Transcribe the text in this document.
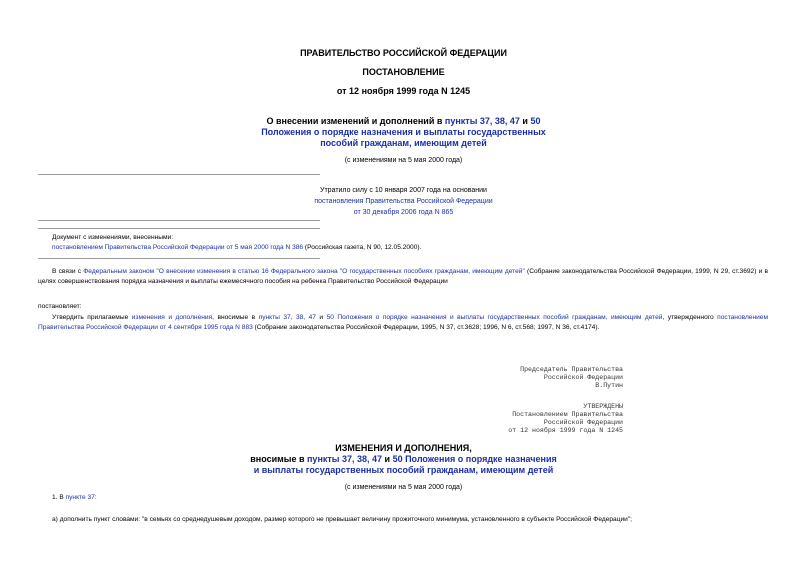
ПРАВИТЕЛЬСТВО РОССИЙСКОЙ ФЕДЕРАЦИИ
ПОСТАНОВЛЕНИЕ
от 12 ноября 1999 года N 1245
О внесении изменений и дополнений в пункты 37, 38, 47 и 50
Положения о порядке назначения и выплаты государственных
пособий гражданам, имеющим детей
(с изменениями на 5 мая 2000 года)
Утратило силу с 10 января 2007 года на основании
постановления Правительства Российской Федерации
от 30 декабря 2006 года N 865
Документ с изменениями, внесенными:
постановлением Правительства Российской Федерации от 5 мая 2000 года N 386 (Российская газета, N 90, 12.05.2000).
В связи с Федеральным законом "О внесении изменения в статью 16 Федерального закона "О государственных пособиях гражданам, имеющим детей" (Собрание законодательства Российской Федерации, 1999, N 29, ст.3692) и в целях совершенствования порядка назначения и выплаты ежемесячного пособия на ребенка Правительство Российской Федерации
постановляет:
Утвердить прилагаемые изменения и дополнения, вносимые в пункты 37, 38, 47 и 50 Положения о порядке назначения и выплаты государственных пособий гражданам, имеющим детей, утвержденного постановлением Правительства Российской Федерации от 4 сентября 1995 года N 883 (Собрание законодательства Российской Федерации, 1995, N 37, ст.3628; 1996, N 6, ст.568; 1997, N 36, ст.4174).
Председатель Правительства
Российской Федерации
В.Путин
УТВЕРЖДЕНЫ
Постановлением Правительства
Российской Федерации
от 12 ноября 1999 года N 1245
ИЗМЕНЕНИЯ И ДОПОЛНЕНИЯ,
вносимые в пункты 37, 38, 47 и 50 Положения о порядке назначения
и выплаты государственных пособий гражданам, имеющим детей
(с изменениями на 5 мая 2000 года)
1. В пункте 37:
а) дополнить пункт словами: "в семьях со среднедушевым доходом, размер которого не превышает величину прожиточного минимума, установленного в субъекте Российской Федерации";
